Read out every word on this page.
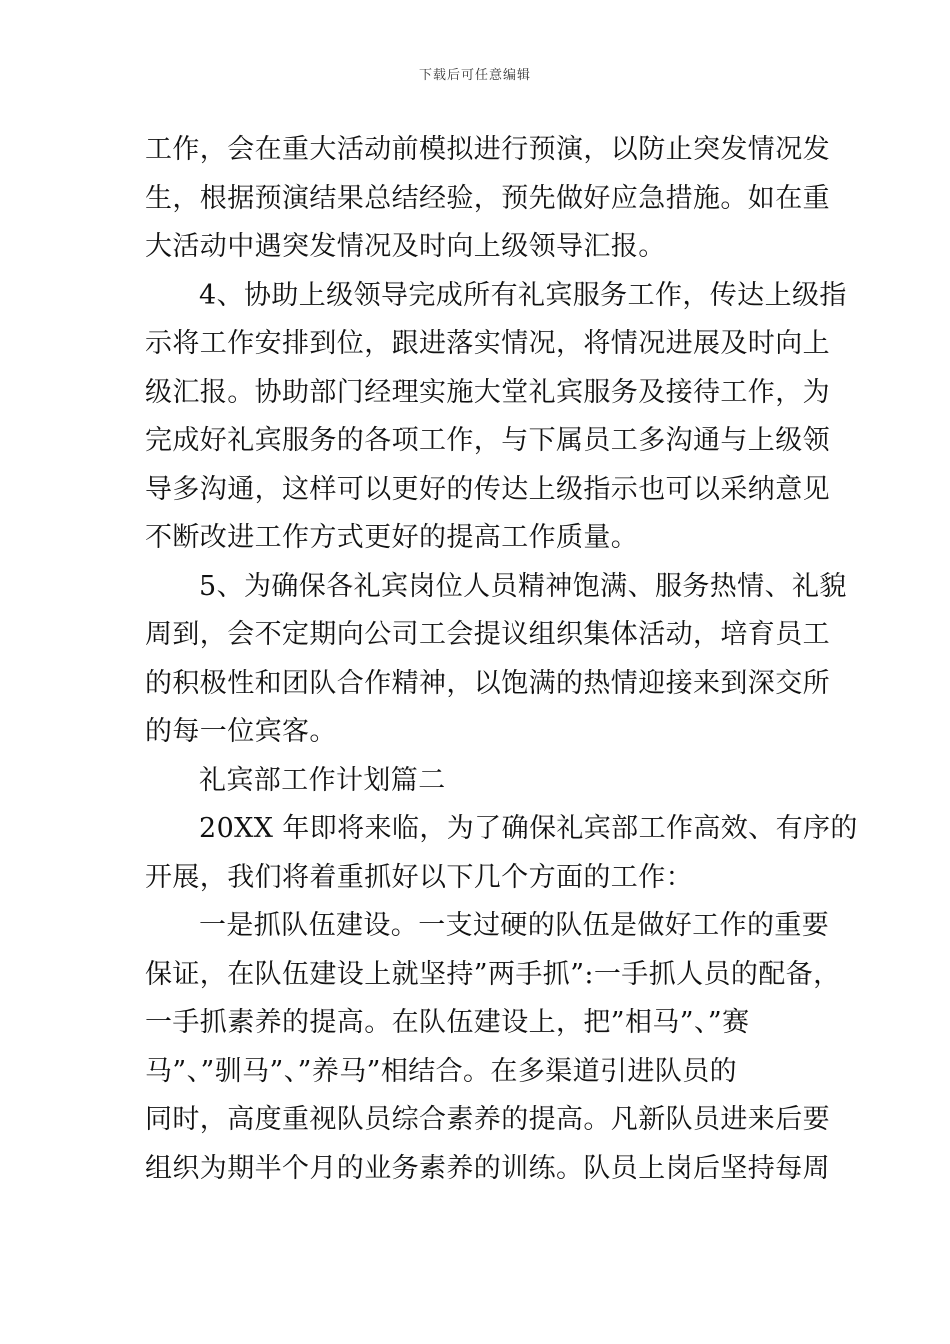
下载后可任意编辑

工作，会在重大活动前模拟进行预演，以防止突发情况发
生，根据预演结果总结经验，预先做好应急措施。如在重
大活动中遇突发情况及时向上级领导汇报。

4、协助上级领导完成所有礼宾服务工作，传达上级指
示将工作安排到位，跟进落实情况，将情况进展及时向上
级汇报。协助部门经理实施大堂礼宾服务及接待工作，为
完成好礼宾服务的各项工作，与下属员工多沟通与上级领
导多沟通，这样可以更好的传达上级指示也可以采纳意见
不断改进工作方式更好的提高工作质量。

5、为确保各礼宾岗位人员精神饱满、服务热情、礼貌
周到，会不定期向公司工会提议组织集体活动，培育员工
的积极性和团队合作精神，以饱满的热情迎接来到深交所
的每一位宾客。

礼宾部工作计划篇二

20XX 年即将来临，为了确保礼宾部工作高效、有序的
开展，我们将着重抓好以下几个方面的工作：

一是抓队伍建设。一支过硬的队伍是做好工作的重要
保证，在队伍建设上就坚持”两手抓”:一手抓人员的配备，
一手抓素养的提高。在队伍建设上，把”相马”、”赛
马”、”驯马”、”养马”相结合。在多渠道引进队员的
同时，高度重视队员综合素养的提高。凡新队员进来后要
组织为期半个月的业务素养的训练。队员上岗后坚持每周
